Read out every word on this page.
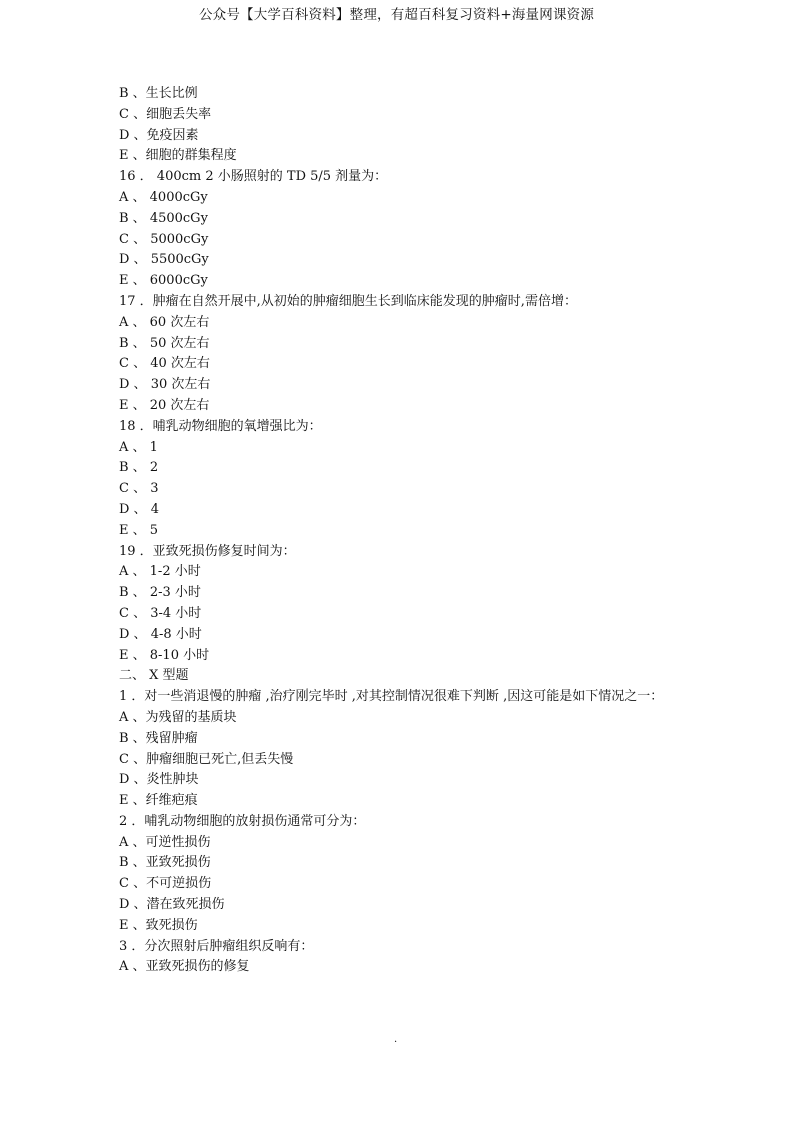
公众号【大学百科资料】整理，有超百科复习资料+海量网课资源
B 、生长比例
C 、细胞丢失率
D 、免疫因素
E 、细胞的群集程度
16 ． 400cm 2 小肠照射的 TD 5/5 剂量为：
A 、 4000cGy
B 、 4500cGy
C 、 5000cGy
D 、 5500cGy
E 、 6000cGy
17 ．肿瘤在自然开展中,从初始的肿瘤细胞生长到临床能发现的肿瘤时,需倍增：
A 、 60 次左右
B 、 50 次左右
C 、 40 次左右
D 、 30 次左右
E 、 20 次左右
18 ．哺乳动物细胞的氧增强比为：
A 、 1
B 、 2
C 、 3
D 、 4
E 、 5
19 ．亚致死损伤修复时间为：
A 、 1-2 小时
B 、 2-3 小时
C 、 3-4 小时
D 、 4-8 小时
E 、 8-10 小时
二、 X 型题
1 ．对一些消退慢的肿瘤 ,治疗刚完毕时 ,对其控制情况很难下判断 ,因这可能是如下情况之一：
A 、为残留的基质块
B 、残留肿瘤
C 、肿瘤细胞已死亡,但丢失慢
D 、炎性肿块
E 、纤维疤痕
2 ．哺乳动物细胞的放射损伤通常可分为：
A 、可逆性损伤
B 、亚致死损伤
C 、不可逆损伤
D 、潜在致死损伤
E 、致死损伤
3 ．分次照射后肿瘤组织反响有：
A 、亚致死损伤的修复
.
